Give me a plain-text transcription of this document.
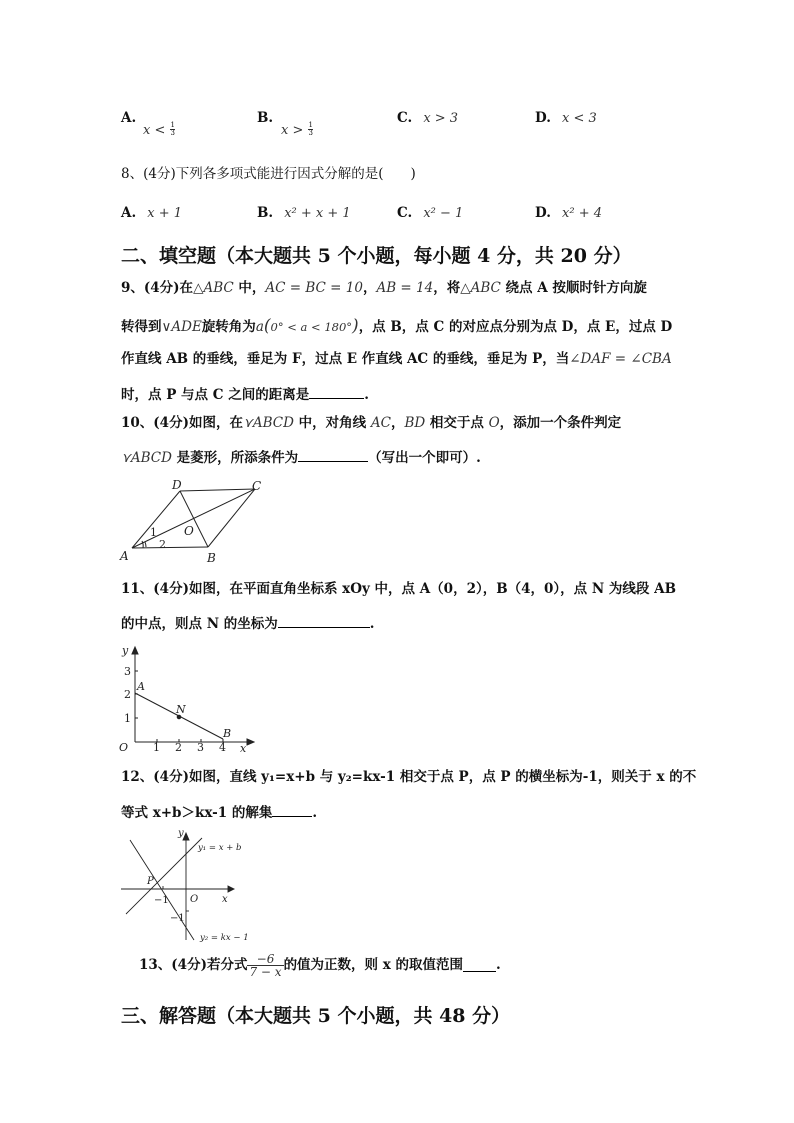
A.
$x < \frac{1}{3}$
B.
$x > \frac{1}{3}$
C. x > 3	D. x < 3
8、(4分)下列各多项式能进行因式分解的是(　　)
A. x + 1	B. x² + x + 1	C. x² − 1	D. x² + 4
二、填空题（本大题共 5 个小题，每小题 4 分，共 20 分）
9、(4分)在△ABC 中，AC = BC = 10，AB = 14，将△ABC 绕点 A 按顺时针方向旋
转得到∨ADE旋转角为a(0° < a < 180°)，点 B，点 C 的对应点分别为点 D，点 E，过点 D
作直线 AB 的垂线，垂足为 F，过点 E 作直线 AC 的垂线，垂足为 P，当∠DAF = ∠CBA
时，点 P 与点 C 之间的距离是	.
10、(4分)如图，在⋎ABCD 中，对角线 AC，BD 相交于点 O，添加一个条件判定
⋎ABCD 是菱形，所添条件为	（写出一个即可）.
A	B
C
D
O
1
2
11、(4分)如图，在平面直角坐标系 xOy 中，点 A（0，2），B（4，0），点 N 为线段 AB
的中点，则点 N 的坐标为	.
y
x
O
A
B
N
1
2
3
1 2 3 4
12、(4分)如图，直线 y₁=x+b 与 y₂=kx-1 相交于点 P，点 P 的横坐标为-1，则关于 x 的不
等式 x+b＞kx-1 的解集	.
y
x
O
P
−1
−1
y₁ = x + b
y₂ = kx − 1
13、(4分)若分式 $\frac{-6}{7 - x}$ 的值为正数，则 x 的取值范围 .
三、解答题（本大题共 5 个小题，共 48 分）
